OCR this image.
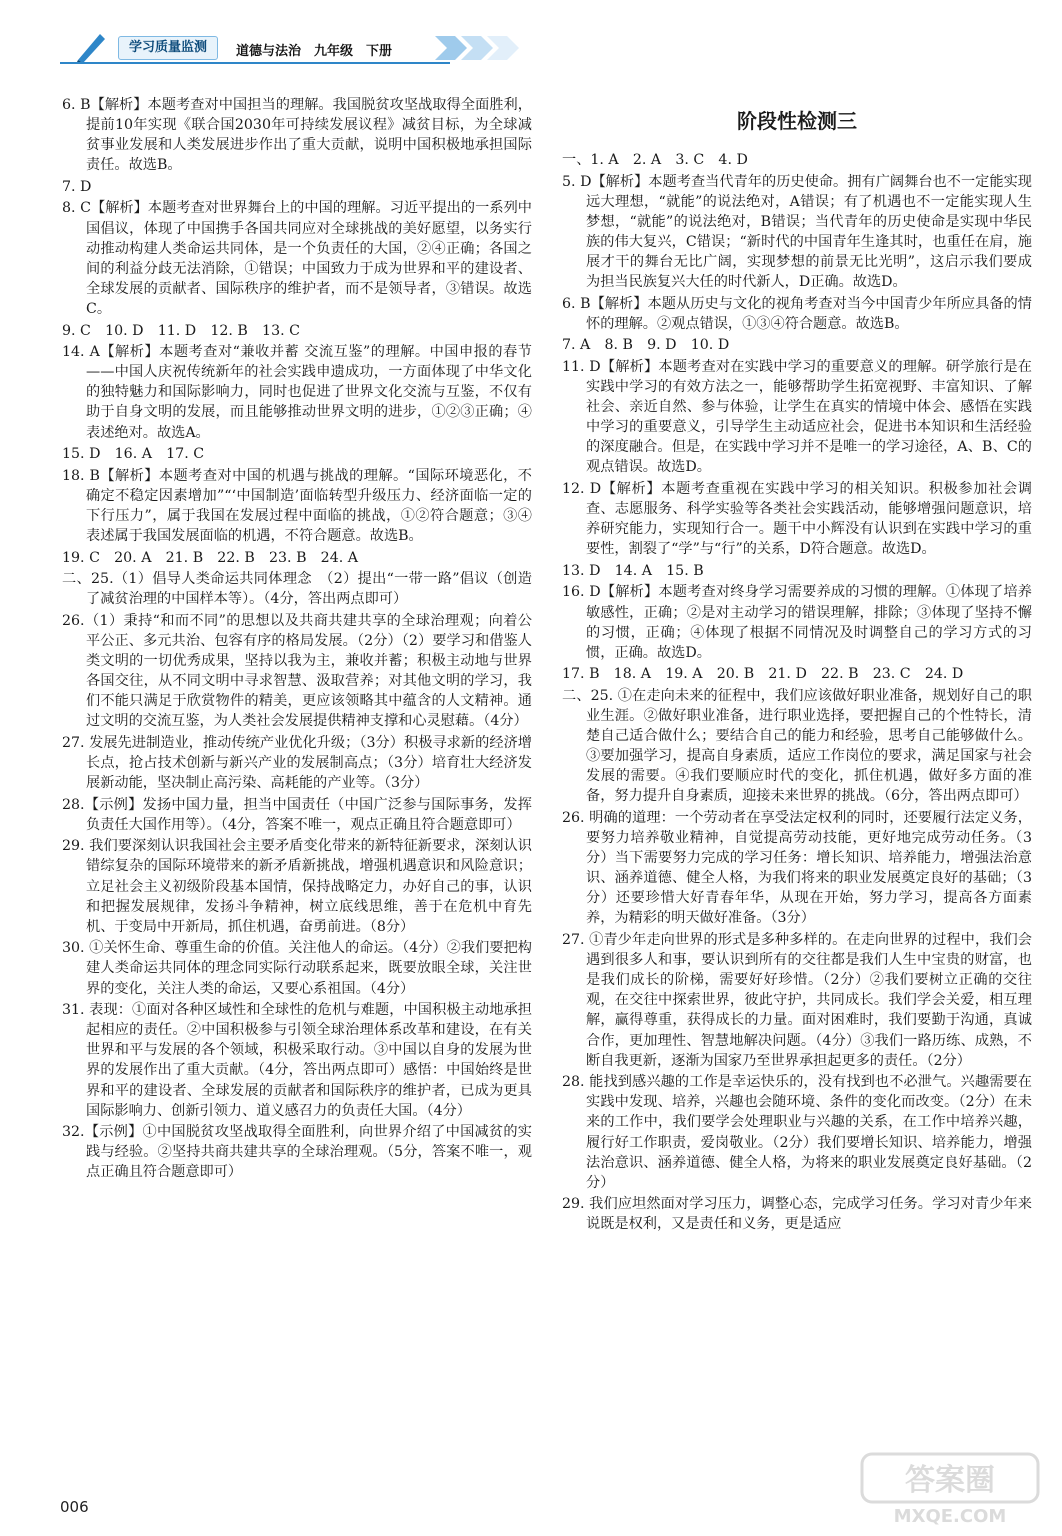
学习质量监测	道德与法治　九年级　下册

6. B【解析】本题考查对中国担当的理解。我国脱贫攻坚战取得全面胜利，提前10年实现《联合国2030年可持续发展议程》减贫目标，为全球减贫事业发展和人类发展进步作出了重大贡献，说明中国积极地承担国际责任。故选B。

7. D

8. C【解析】本题考查对世界舞台上的中国的理解。习近平提出的一系列中国倡议，体现了中国携手各国共同应对全球挑战的美好愿望，以务实行动推动构建人类命运共同体，是一个负责任的大国，②④正确；各国之间的利益分歧无法消除，①错误；中国致力于成为世界和平的建设者、全球发展的贡献者、国际秩序的维护者，而不是领导者，③错误。故选C。

9. C　10. D　11. D　12. B　13. C

14. A【解析】本题考查对“兼收并蓄 交流互鉴”的理解。中国申报的春节——中国人庆祝传统新年的社会实践申遗成功，一方面体现了中华文化的独特魅力和国际影响力，同时也促进了世界文化交流与互鉴，不仅有助于自身文明的发展，而且能够推动世界文明的进步，①②③正确；④表述绝对。故选A。

15. D　16. A　17. C

18. B【解析】本题考查对中国的机遇与挑战的理解。“国际环境恶化，不确定不稳定因素增加”“‘中国制造’面临转型升级压力、经济面临一定的下行压力”，属于我国在发展过程中面临的挑战，①②符合题意；③④表述属于我国发展面临的机遇，不符合题意。故选B。

19. C　20. A　21. B　22. B　23. B　24. A

二、25.（1）倡导人类命运共同体理念　（2）提出“一带一路”倡议（创造了减贫治理的中国样本等）。（4分，答出两点即可）

26.（1）秉持“和而不同”的思想以及共商共建共享的全球治理观；向着公平公正、多元共治、包容有序的格局发展。（2分）（2）要学习和借鉴人类文明的一切优秀成果，坚持以我为主，兼收并蓄；积极主动地与世界各国交往，从不同文明中寻求智慧、汲取营养；对其他文明的学习，我们不能只满足于欣赏物件的精美，更应该领略其中蕴含的人文精神。通过文明的交流互鉴，为人类社会发展提供精神支撑和心灵慰藉。（4分）

27. 发展先进制造业，推动传统产业优化升级；（3分）积极寻求新的经济增长点，抢占技术创新与新兴产业的发展制高点；（3分）培育壮大经济发展新动能，坚决制止高污染、高耗能的产业等。（3分）

28.【示例】发扬中国力量，担当中国责任（中国广泛参与国际事务，发挥负责任大国作用等）。（4分，答案不唯一，观点正确且符合题意即可）

29. 我们要深刻认识我国社会主要矛盾变化带来的新特征新要求，深刻认识错综复杂的国际环境带来的新矛盾新挑战，增强机遇意识和风险意识；立足社会主义初级阶段基本国情，保持战略定力，办好自己的事，认识和把握发展规律，发扬斗争精神，树立底线思维，善于在危机中育先机、于变局中开新局，抓住机遇，奋勇前进。（8分）

30. ①关怀生命、尊重生命的价值。关注他人的命运。（4分）②我们要把构建人类命运共同体的理念同实际行动联系起来，既要放眼全球，关注世界的变化，关注人类的命运，又要心系祖国。（4分）

31. 表现：①面对各种区域性和全球性的危机与难题，中国积极主动地承担起相应的责任。②中国积极参与引领全球治理体系改革和建设，在有关世界和平与发展的各个领域，积极采取行动。③中国以自身的发展为世界的发展作出了重大贡献。（4分，答出两点即可）感悟：中国始终是世界和平的建设者、全球发展的贡献者和国际秩序的维护者，已成为更具国际影响力、创新引领力、道义感召力的负责任大国。（4分）

32.【示例】①中国脱贫攻坚战取得全面胜利，向世界介绍了中国减贫的实践与经验。②坚持共商共建共享的全球治理观。（5分，答案不唯一，观点正确且符合题意即可）

阶段性检测三

一、1. A　2. A　3. C　4. D

5. D【解析】本题考查当代青年的历史使命。拥有广阔舞台也不一定能实现远大理想，“就能”的说法绝对，A错误；有了机遇也不一定能实现人生梦想，“就能”的说法绝对，B错误；当代青年的历史使命是实现中华民族的伟大复兴，C错误；“新时代的中国青年生逢其时，也重任在肩，施展才干的舞台无比广阔，实现梦想的前景无比光明”，这启示我们要成为担当民族复兴大任的时代新人，D正确。故选D。

6. B【解析】本题从历史与文化的视角考查对当今中国青少年所应具备的情怀的理解。②观点错误，①③④符合题意。故选B。

7. A　8. B　9. D　10. D

11. D【解析】本题考查对在实践中学习的重要意义的理解。研学旅行是在实践中学习的有效方法之一，能够帮助学生拓宽视野、丰富知识、了解社会、亲近自然、参与体验，让学生在真实的情境中体会、感悟在实践中学习的重要意义，引导学生主动适应社会，促进书本知识和生活经验的深度融合。但是，在实践中学习并不是唯一的学习途径，A、B、C的观点错误。故选D。

12. D【解析】本题考查重视在实践中学习的相关知识。积极参加社会调查、志愿服务、科学实验等各类社会实践活动，能够增强问题意识，培养研究能力，实现知行合一。题干中小辉没有认识到在实践中学习的重要性，割裂了“学”与“行”的关系，D符合题意。故选D。

13. D　14. A　15. B

16. D【解析】本题考查对终身学习需要养成的习惯的理解。①体现了培养敏感性，正确；②是对主动学习的错误理解，排除；③体现了坚持不懈的习惯，正确；④体现了根据不同情况及时调整自己的学习方式的习惯，正确。故选D。

17. B　18. A　19. A　20. B　21. D　22. B　23. C　24. D

二、25. ①在走向未来的征程中，我们应该做好职业准备，规划好自己的职业生涯。②做好职业准备，进行职业选择，要把握自己的个性特长，清楚自己适合做什么；要结合自己的能力和经验，思考自己能够做什么。③要加强学习，提高自身素质，适应工作岗位的要求，满足国家与社会发展的需要。④我们要顺应时代的变化，抓住机遇，做好多方面的准备，努力提升自身素质，迎接未来世界的挑战。（6分，答出两点即可）

26. 明确的道理：一个劳动者在享受法定权利的同时，还要履行法定义务，要努力培养敬业精神，自觉提高劳动技能，更好地完成劳动任务。（3分）当下需要努力完成的学习任务：增长知识、培养能力，增强法治意识、涵养道德、健全人格，为我们将来的职业发展奠定良好的基础；（3分）还要珍惜大好青春年华，从现在开始，努力学习，提高各方面素养，为精彩的明天做好准备。（3分）

27. ①青少年走向世界的形式是多种多样的。在走向世界的过程中，我们会遇到很多人和事，要认识到所有的交往都是我们人生中宝贵的财富，也是我们成长的阶梯，需要好好珍惜。（2分）②我们要树立正确的交往观，在交往中探索世界，彼此守护，共同成长。我们学会关爱，相互理解，赢得尊重，获得成长的力量。面对困难时，我们要勤于沟通，真诚合作，更加理性、智慧地解决问题。（4分）③我们一路历练、成熟，不断自我更新，逐渐为国家乃至世界承担起更多的责任。（2分）

28. 能找到感兴趣的工作是幸运快乐的，没有找到也不必泄气。兴趣需要在实践中发现、培养，兴趣也会随环境、条件的变化而改变。（2分）在未来的工作中，我们要学会处理职业与兴趣的关系，在工作中培养兴趣，履行好工作职责，爱岗敬业。（2分）我们要增长知识、培养能力，增强法治意识、涵养道德、健全人格，为将来的职业发展奠定良好基础。（2分）

29. 我们应坦然面对学习压力，调整心态，完成学习任务。学习对青少年来说既是权利，又是责任和义务，更是适应

006
答案圈
MXQE.COM
